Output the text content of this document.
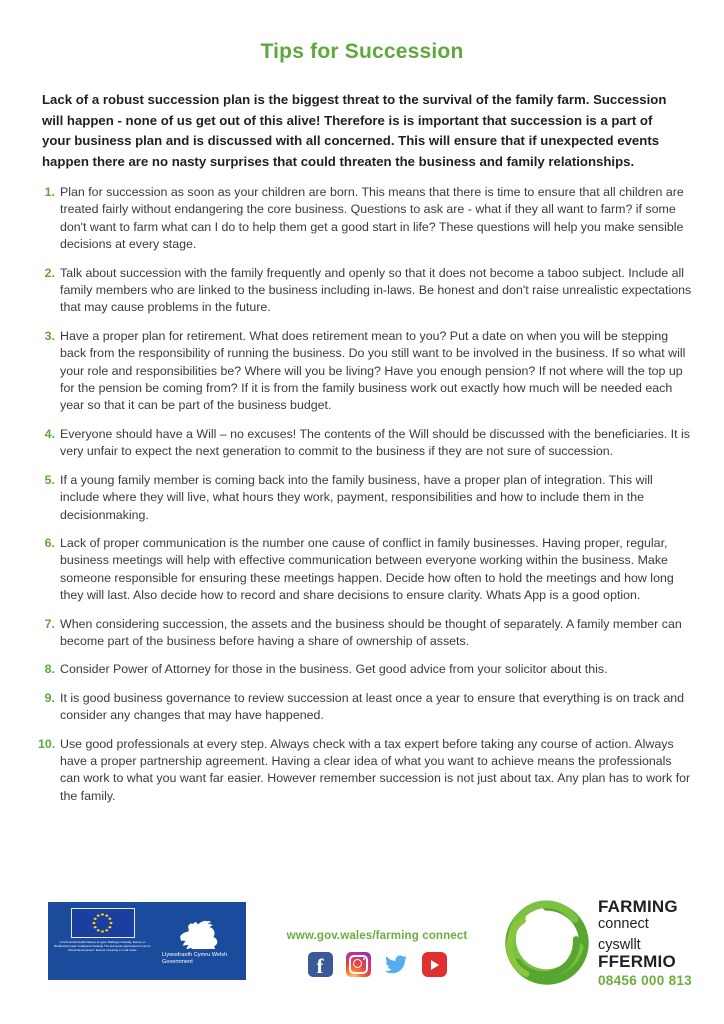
Tips for Succession
Lack of a robust succession plan is the biggest threat to the survival of the family farm. Succession will happen - none of us get out of this alive! Therefore is is important that succession is a part of your business plan and is discussed with all concerned. This will ensure that if unexpected events happen there are no nasty surprises that could threaten the business and family relationships.
1. Plan for succession as soon as your children are born. This means that there is time to ensure that all children are treated fairly without endangering the core business. Questions to ask are - what if they all want to farm? if some don't want to farm what can I do to help them get a good start in life? These questions will help you make sensible decisions at every stage.
2. Talk about succession with the family frequently and openly so that it does not become a taboo subject. Include all family members who are linked to the business including in-laws. Be honest and don't raise unrealistic expectations that may cause problems in the future.
3. Have a proper plan for retirement. What does retirement mean to you? Put a date on when you will be stepping back from the responsibility of running the business. Do you still want to be involved in the business. If so what will your role and responsibilities be? Where will you be living? Have you enough pension? If not where will the top up for the pension be coming from? If it is from the family business work out exactly how much will be needed each year so that it can be part of the business budget.
4. Everyone should have a Will – no excuses! The contents of the Will should be discussed with the beneficiaries. It is very unfair to expect the next generation to commit to the business if they are not sure of succession.
5. If a young family member is coming back into the family business, have a proper plan of integration. This will include where they will live, what hours they work, payment, responsibilities and how to include them in the decisionmaking.
6. Lack of proper communication is the number one cause of conflict in family businesses. Having proper, regular, business meetings will help with effective communication between everyone working within the business. Make someone responsible for ensuring these meetings happen. Decide how often to hold the meetings and how long they will last. Also decide how to record and share decisions to ensure clarity. Whats App is a good option.
7. When considering succession, the assets and the business should be thought of separately. A family member can become part of the business before having a share of ownership of assets.
8. Consider Power of Attorney for those in the business. Get good advice from your solicitor about this.
9. It is good business governance to review succession at least once a year to ensure that everything is on track and consider any changes that may have happened.
10. Use good professionals at every step. Always check with a tax expert before taking any course of action. Always have a proper partnership agreement. Having a clear idea of what you want to achieve means the professionals can work to what you want far easier. However remember succession is not just about tax. Any plan has to work for the family.
Cronfa Amaethyddol Ewrop ar gyfer Datblygu Gwledig: Ewrop yn Buddsoddi mewn Ardaloedd Gwledig The European Agricultural Fund for Rural Development: Europe investing in rural areas
Llywodraeth Cymru Welsh Government
www.gov.wales/farming connect
f
FARMING
connect
cyswllt
FFERMIO
08456 000 813
